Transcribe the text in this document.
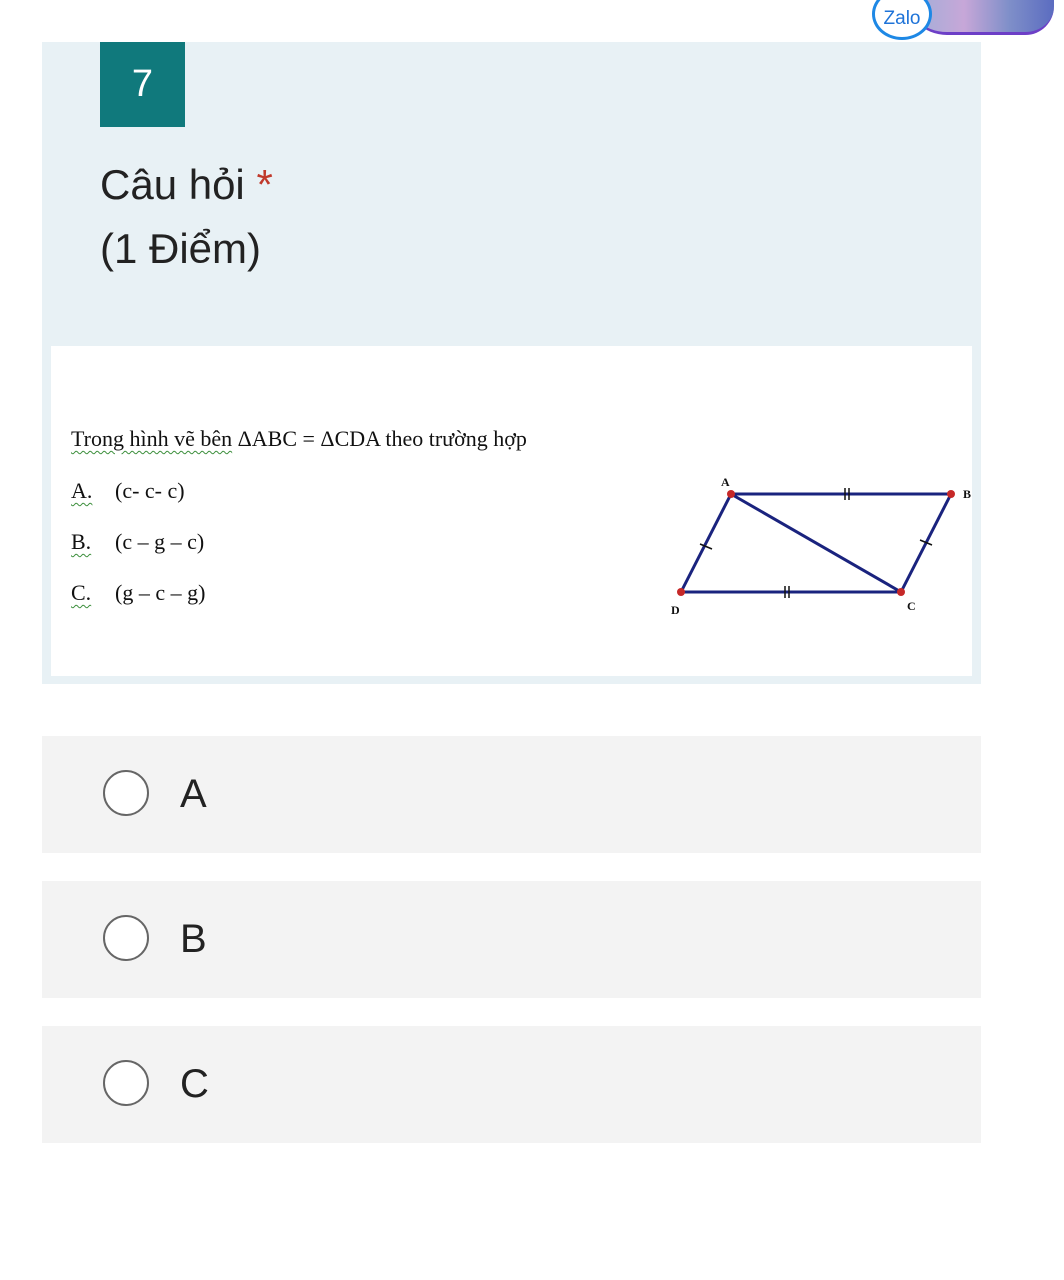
Zalo
7
Câu hỏi *
(1 Điểm)
Trong hình vẽ bên ΔABC = ΔCDA theo trường hợp
A. (c- c- c)
B. (c – g – c)
C. (g – c – g)
A
B
C
D
A
B
C
